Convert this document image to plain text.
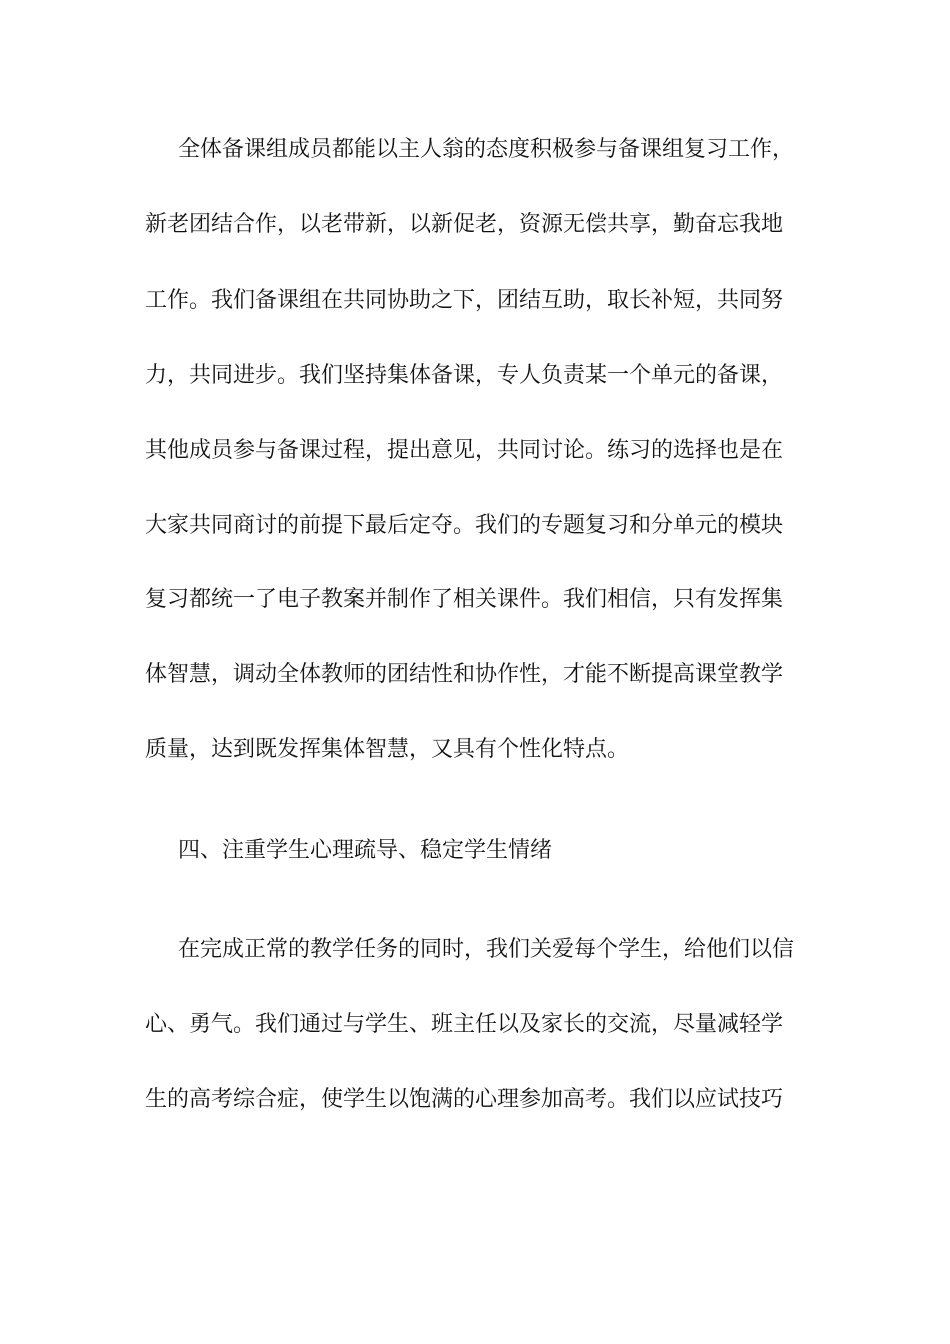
全体备课组成员都能以主人翁的态度积极参与备课组复习工作，

新老团结合作，以老带新，以新促老，资源无偿共享，勤奋忘我地

工作。我们备课组在共同协助之下，团结互助，取长补短，共同努

力，共同进步。我们坚持集体备课，专人负责某一个单元的备课，

其他成员参与备课过程，提出意见，共同讨论。练习的选择也是在

大家共同商讨的前提下最后定夺。我们的专题复习和分单元的模块

复习都统一了电子教案并制作了相关课件。我们相信，只有发挥集

体智慧，调动全体教师的团结性和协作性，才能不断提高课堂教学

质量，达到既发挥集体智慧，又具有个性化特点。

四、注重学生心理疏导、稳定学生情绪

在完成正常的教学任务的同时，我们关爱每个学生，给他们以信

心、勇气。我们通过与学生、班主任以及家长的交流，尽量减轻学

生的高考综合症，使学生以饱满的心理参加高考。我们以应试技巧
